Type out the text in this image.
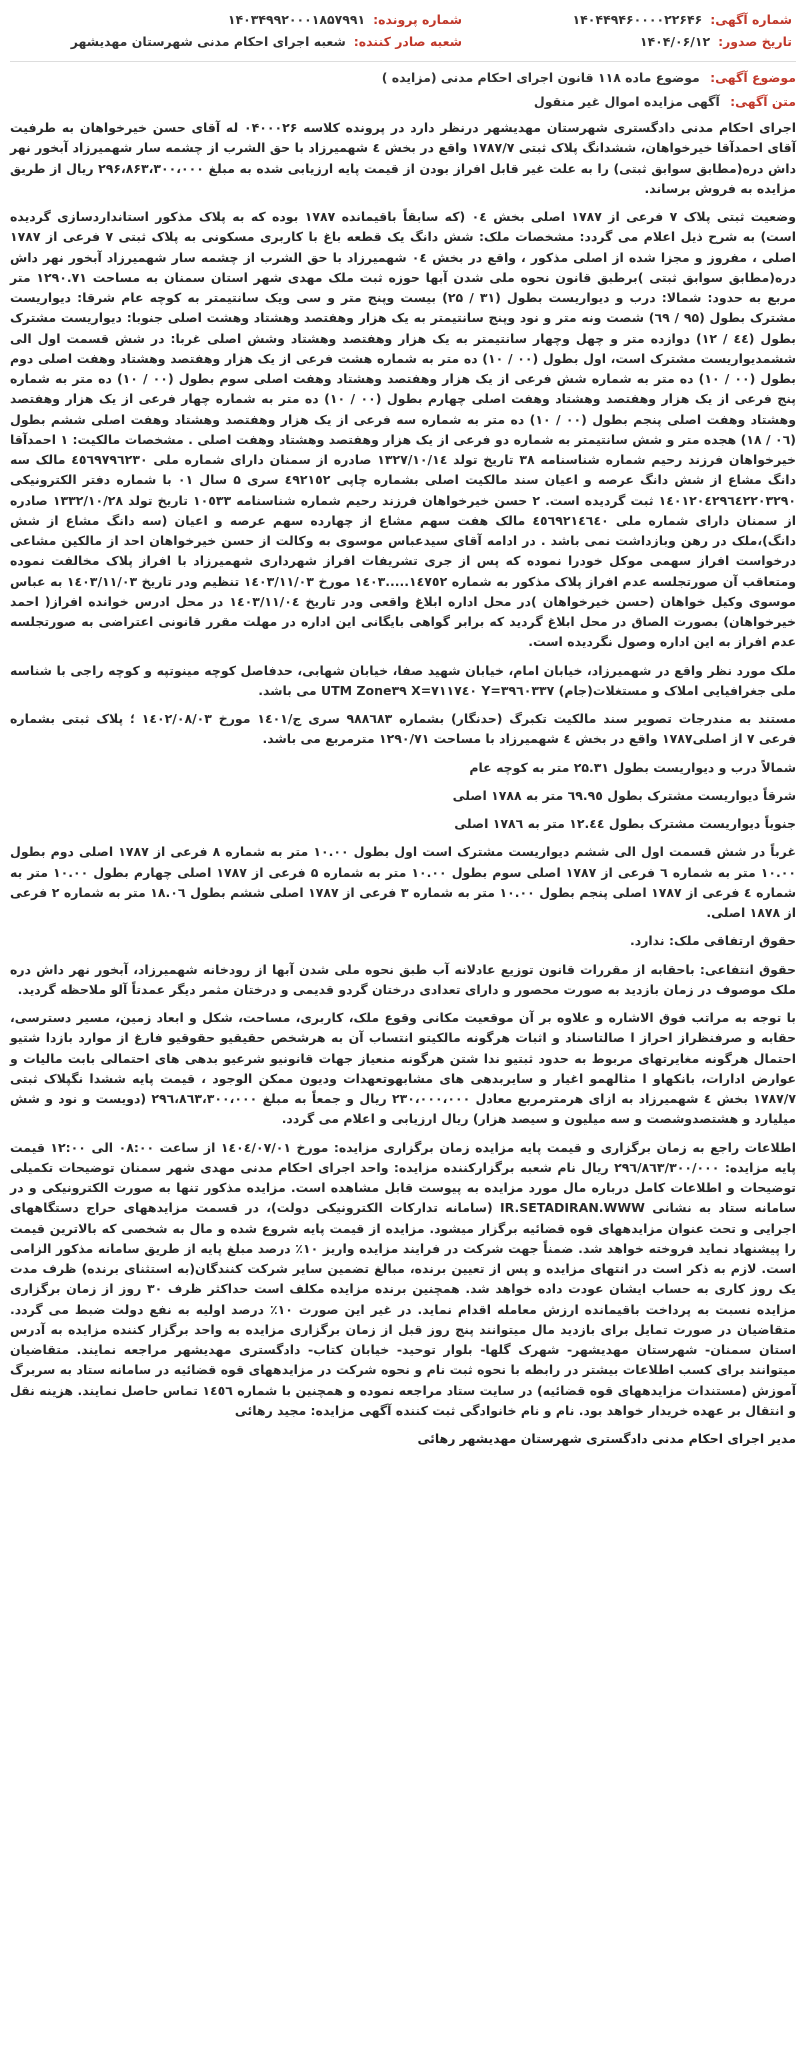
شماره آگهی:
۱۴۰۴۴۹۴۶۰۰۰۰۲۲۶۴۶
شماره پرونده:
۱۴۰۳۴۹۹۲۰۰۰۱۸۵۷۹۹۱
تاریخ صدور:
۱۴۰۴/۰۶/۱۲
شعبه صادر کننده:
شعبه اجرای احکام مدنی شهرستان مهدیشهر
موضوع آگهی: موضوع ماده ۱۱۸ قانون اجرای احکام مدنی (مزایده )
متن آگهی: آگهی مزایده اموال غیر منقول

اجرای احکام مدنی دادگستری شهرستان مهدیشهر درنظر دارد در پرونده کلاسه ۰۴۰۰۰۲۶ له آقای حسن خیرخواهان به طرفیت آقای احمدآقا خیرخواهان، ششدانگ پلاک ثبتی ۱۷۸۷/۷ واقع در بخش ٤ شهمیرزاد با حق الشرب از چشمه سار شهمیرزاد آبخور نهر داش دره(مطابق سوابق ثبتی) را به علت غیر قابل افراز بودن از قیمت پایه ارزیابی شده به مبلغ ۲۹۶،۸۶۳،۳۰۰،۰۰۰ ریال از طریق مزایده به فروش برساند.

وضعیت ثبتی پلاک ۷ فرعی از ۱۷۸۷ اصلی بخش ۰٤ (که سابقاً باقیمانده ۱۷۸۷ بوده که به پلاک مذکور استانداردسازی گردیده است) به شرح ذیل اعلام می گردد: مشخصات ملک: شش دانگ یک قطعه باغ با کاربری مسکونی به پلاک ثبتی ۷ فرعی از ۱۷۸۷ اصلی ، مفروز و مجزا شده از اصلی مذکور ، واقع در بخش ۰٤ شهمیرزاد با حق الشرب از چشمه سار شهمیرزاد آبخور نهر داش دره(مطابق سوابق ثبتی )برطبق قانون نحوه ملی شدن آبها حوزه ثبت ملک مهدی شهر استان سمنان به مساحت ۱۲۹۰.۷۱ متر مربع به حدود: شمالا: درب و دیواریست بطول (۳۱ / ۲۵) بیست وپنج متر و سی ویک سانتیمتر به کوچه عام شرقا: دیواریست مشترک بطول (۹۵ / ٦۹) شصت ونه متر و نود وپنج سانتیمتر به یک هزار وهفتصد وهشتاد وهشت اصلی جنوبا: دیواریست مشترک بطول (٤٤ / ۱۲) دوازده متر و چهل وچهار سانتیمتر به یک هزار وهفتصد وهشتاد وشش اصلی غربا: در شش قسمت اول الی ششمدیواریست مشترک است، اول بطول (۰۰ / ۱۰) ده متر به شماره هشت فرعی از یک هزار وهفتصد وهشتاد وهفت اصلی دوم بطول (۰۰ / ۱۰) ده متر به شماره شش فرعی از یک هزار وهفتصد وهشتاد وهفت اصلی سوم بطول (۰۰ / ۱۰) ده متر به شماره پنج فرعی از یک هزار وهفتصد وهشتاد وهفت اصلی چهارم بطول (۰۰ / ۱۰) ده متر به شماره چهار فرعی از یک هزار وهفتصد وهشتاد وهفت اصلی پنجم بطول (۰۰ / ۱۰) ده متر به شماره سه فرعی از یک هزار وهفتصد وهشتاد وهفت اصلی ششم بطول (۰٦ / ۱۸) هجده متر و شش سانتیمتر به شماره دو فرعی از یک هزار وهفتصد وهشتاد وهفت اصلی . مشخصات مالکیت: ۱ احمدآقا خیرخواهان فرزند رحیم شماره شناسنامه ۳۸ تاریخ تولد ۱۳۲۷/۱۰/۱٤ صادره از سمنان دارای شماره ملی ٤٥٦۹۷۹٦۲۳۰ مالک سه دانگ مشاع از شش دانگ عرصه و اعیان سند مالکیت اصلی بشماره چاپی ٤۹۲۱٥۲ سری ۵ سال ۰۱ با شماره دفتر الکترونیکی ۱٤۰۱۲۰٤۲۹٦٤۲۲۰۳۲۹۰ ثبت گردیده است. ۲ حسن خیرخواهان فرزند رحیم شماره شناسنامه ۱۰٥۳۳ تاریخ تولد ۱۳۳۲/۱۰/۲۸ صادره از سمنان دارای شماره ملی ٤٥٦۹۲۱٤٦٤۰ مالک هفت سهم مشاع از چهارده سهم عرصه و اعیان (سه دانگ مشاع از شش دانگ)،ملک در رهن وبازداشت نمی باشد . در ادامه آقای سیدعباس موسوی به وکالت از حسن خیرخواهان احد از مالکین مشاعی درخواست افراز سهمی موکل خودرا نموده که پس از جری تشریفات افراز شهرداری شهمیرزاد با افراز پلاک مخالفت نموده ومتعاقب آن صورتجلسه عدم افراز پلاک مذکور به شماره ۱٤۷٥۲.....۱٤۰۳ مورخ ۱٤۰۳/۱۱/۰۳ تنظیم ودر تاریخ ۱٤۰۳/۱۱/۰۳ به عباس موسوی وکیل خواهان (حسن خیرخواهان )در محل اداره ابلاغ واقعی ودر تاریخ ۱٤۰۳/۱۱/۰٤ در محل ادرس خوانده افراز( احمد خیرخواهان) بصورت الصاق در محل ابلاغ گردید که برابر گواهی بایگانی این اداره در مهلت مقرر قانونی اعتراضی به صورتجلسه عدم افراز به این اداره وصول نگردیده است.

ملک مورد نظر واقع در شهمیرزاد، خیابان امام، خیابان شهید صفا، خیابان شهابی، حدفاصل کوچه مینوتپه و کوچه راجی با شناسه ملی جغرافیایی املاک و مستغلات(جام) UTM Zone۳۹ X=۷۱۱۷٤۰ Y=۳۹٦۰۳۳۷ می باشد.

مستند به مندرجات تصویر سند مالکیت تکبرگ (حدنگار) بشماره ۹۸۸٦۸۳ سری ج/۱٤۰۱ مورخ ۱٤۰۲/۰۸/۰۳ ؛ پلاک ثبتی بشماره فرعی ۷ از اصلی۱۷۸۷ واقع در بخش ٤ شهمیرزاد با مساحت ۱۲۹۰/۷۱ مترمربع می باشد.

شمالاً درب و دیواریست بطول ۲۵.۳۱ متر به کوچه عام

شرقاً دیواریست مشترک بطول ٦۹.۹٥ متر به ۱۷۸۸ اصلی

جنوباً دیواریست مشترک بطول ۱۲.٤٤ متر به ۱۷۸٦ اصلی

غرباً در شش قسمت اول الی ششم دیواریست مشترک است اول بطول ۱۰.۰۰ متر به شماره ۸ فرعی از ۱۷۸۷ اصلی دوم بطول ۱۰.۰۰ متر به شماره ٦ فرعی از ۱۷۸۷ اصلی سوم بطول ۱۰.۰۰ متر به شماره ۵ فرعی از ۱۷۸۷ اصلی چهارم بطول ۱۰.۰۰ متر به شماره ٤ فرعی از ۱۷۸۷ اصلی پنجم بطول ۱۰.۰۰ متر به شماره ۳ فرعی از ۱۷۸۷ اصلی ششم بطول ۱۸.۰٦ متر به شماره ۲ فرعی از ۱۸۷۸ اصلی.

حقوق ارتفاقی ملک: ندارد.

حقوق انتفاعی: باحقابه از مقررات قانون توزیع عادلانه آب طبق نحوه ملی شدن آبها از رودخانه شهمیرزاد، آبخور نهر داش دره ملک موصوف در زمان بازدید به صورت محصور و دارای تعدادی درختان گردو قدیمی و درختان مثمر دیگر عمدتاً آلو ملاحظه گردید.

با توجه به مراتب فوق الاشاره و علاوه بر آن موقعیت مکانی وقوع ملک، کاربری، مساحت، شکل و ابعاد زمین، مسیر دسترسی، حقابه و صرفنظراز احراز ا صالتاسناد و اثبات هرگونه مالکیتو انتساب آن به هرشخص حقیقیو حقوقیو فارغ از موارد بازدا شتیو احتمال هرگونه مغایرتهای مربوط به حدود ثبتیو ندا شتن هرگونه منعیاز جهات قانونیو شرعیو بدهی های احتمالی بابت مالیات و عوارض ادارات، بانکهاو ا مثالهمو اغیار و سایربدهی های مشابهوتعهدات ودیون ممکن الوجود ، قیمت پایه ششدا نگپلاک ثبتی ۱۷۸۷/۷ بخش ٤ شهمیرزاد به ازای هرمترمربع معادل ۲۳۰،۰۰۰،۰۰۰ ریال و جمعاً به مبلغ ۲۹٦،۸٦۳،۳۰۰،۰۰۰ (دویست و نود و شش میلیارد و هشتصدوشصت و سه میلیون و سیصد هزار) ریال ارزیابی و اعلام می گردد.

اطلاعات راجع به زمان برگزاری و قیمت پایه مزایده زمان برگزاری مزایده: مورخ ۱٤۰٤/۰۷/۰۱ از ساعت ۰۸:۰۰ الی ۱۲:۰۰ قیمت پایه مزایده: ۲۹٦/۸٦۳/۳۰۰/۰۰۰ ریال نام شعبه برگزارکننده مزایده: واحد اجرای احکام مدنی مهدی شهر سمنان توضیحات تکمیلی توضیحات و اطلاعات کامل درباره مال مورد مزایده به پیوست قابل مشاهده است. مزایده مذکور تنها به صورت الکترونیکی و در سامانه ستاد به نشانی IR.SETADIRAN.WWW (سامانه تدارکات الکترونیکی دولت)، در قسمت مزایدههای حراج دستگاههای اجرایی و تحت عنوان مزایدههای قوه قضائیه برگزار میشود. مزایده از قیمت پایه شروع شده و مال به شخصی که بالاترین قیمت را پیشنهاد نماید فروخته خواهد شد. ضمناً جهت شرکت در فرایند مزایده واریز ۱۰٪ درصد مبلغ پایه از طریق سامانه مذکور الزامی است. لازم به ذکر است در انتهای مزایده و پس از تعیین برنده، مبالغ تضمین سایر شرکت کنندگان(به استثنای برنده) ظرف مدت یک روز کاری به حساب ایشان عودت داده خواهد شد. همچنین برنده مزایده مکلف است حداکثر ظرف ۳۰ روز از زمان برگزاری مزایده نسبت به پرداخت باقیمانده ارزش معامله اقدام نماید. در غیر این صورت ۱۰٪ درصد اولیه به نفع دولت ضبط می گردد. متقاضیان در صورت تمایل برای بازدید مال میتوانند پنج روز قبل از زمان برگزاری مزایده به واحد برگزار کننده مزایده به آدرس استان سمنان- شهرستان مهدیشهر- شهرک گلها- بلوار توحید- خیابان کتاب- دادگستری مهدیشهر مراجعه نمایند. متقاضیان میتوانند برای کسب اطلاعات بیشتر در رابطه با نحوه ثبت نام و نحوه شرکت در مزایدههای قوه قضائیه در سامانه ستاد به سربرگ آموزش (مستندات مزایدههای قوه قضائیه) در سایت ستاد مراجعه نموده و همچنین با شماره ۱٤٥٦ تماس حاصل نمایند. هزینه نقل و انتقال بر عهده خریدار خواهد بود. نام و نام خانوادگی ثبت کننده آگهی مزایده: مجید رهائی

مدیر اجرای احکام مدنی دادگستری شهرستان مهدیشهر رهائی
